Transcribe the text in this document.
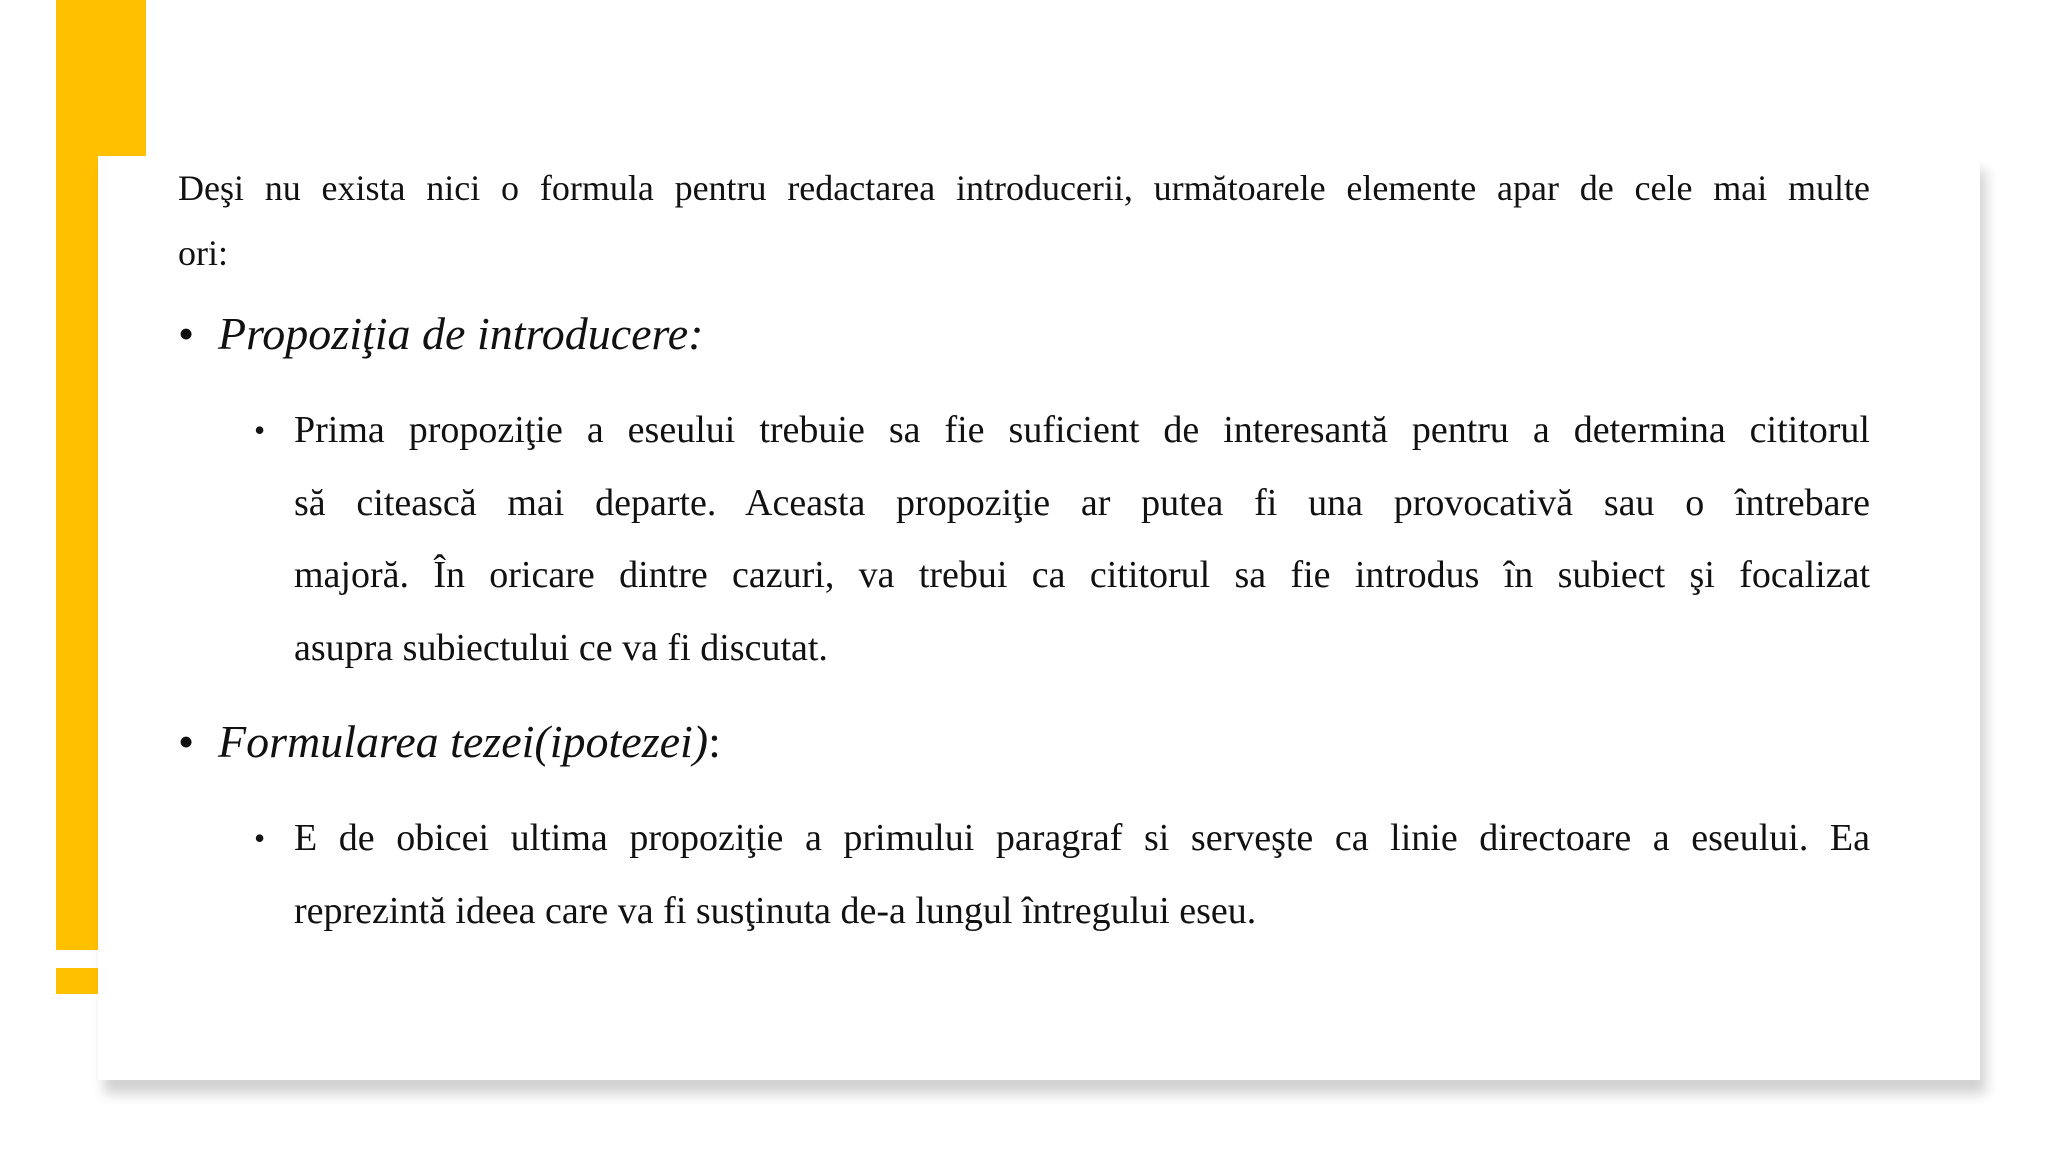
Deşi nu exista nici o formula pentru redactarea introducerii, următoarele elemente apar de cele mai multe
ori:
• Propoziţia de introducere:
• Prima propoziţie a eseului trebuie sa fie suficient de interesantă pentru a determina cititorul
să citească mai departe. Aceasta propoziţie ar putea fi una provocativă sau o întrebare
majoră. În oricare dintre cazuri, va trebui ca cititorul sa fie introdus în subiect şi focalizat
asupra subiectului ce va fi discutat.
• Formularea tezei(ipotezei):
• E de obicei ultima propoziţie a primului paragraf si serveşte ca linie directoare a eseului. Ea
reprezintă ideea care va fi susţinuta de-a lungul întregului eseu.
